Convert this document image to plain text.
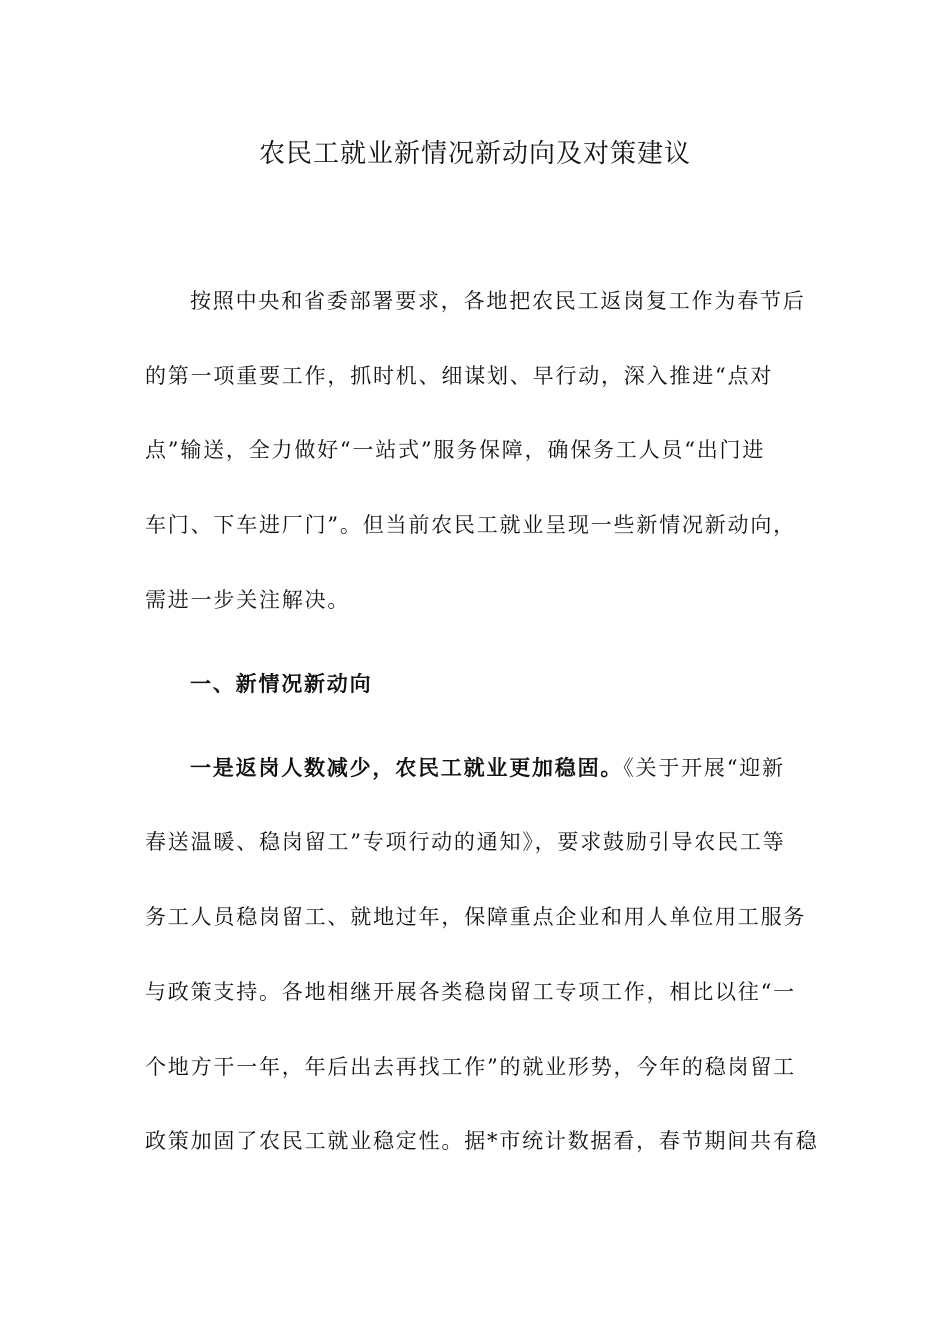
农民工就业新情况新动向及对策建议
按照中央和省委部署要求，各地把农民工返岗复工作为春节后
的第一项重要工作，抓时机、细谋划、早行动，深入推进“点对
点”输送，全力做好“一站式”服务保障，确保务工人员“出门进
车门、下车进厂门”。但当前农民工就业呈现一些新情况新动向，
需进一步关注解决。
一、新情况新动向
一是返岗人数减少，农民工就业更加稳固。《关于开展“迎新
春送温暖、稳岗留工”专项行动的通知》，要求鼓励引导农民工等
务工人员稳岗留工、就地过年，保障重点企业和用人单位用工服务
与政策支持。各地相继开展各类稳岗留工专项工作，相比以往“一
个地方干一年，年后出去再找工作”的就业形势，今年的稳岗留工
政策加固了农民工就业稳定性。据*市统计数据看，春节期间共有稳
